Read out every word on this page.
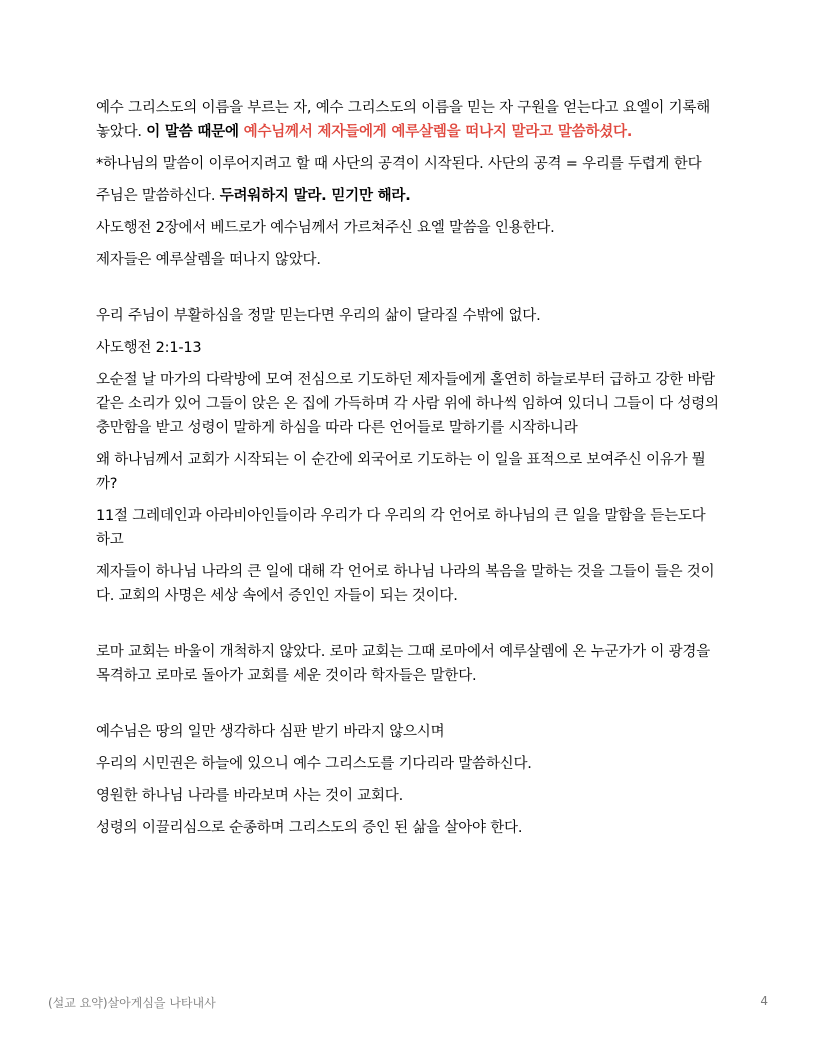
예수 그리스도의 이름을 부르는 자, 예수 그리스도의 이름을 믿는 자 구원을 얻는다고 요엘이 기록해 놓았다. 이 말씀 때문에 예수님께서 제자들에게 예루살렘을 떠나지 말라고 말씀하셨다.

*하나님의 말씀이 이루어지려고 할 때 사단의 공격이 시작된다. 사단의 공격 = 우리를 두렵게 한다

주님은 말씀하신다. 두려워하지 말라. 믿기만 해라.

사도행전 2장에서 베드로가 예수님께서 가르쳐주신 요엘 말씀을 인용한다.

제자들은 예루살렘을 떠나지 않았다.

우리 주님이 부활하심을 정말 믿는다면 우리의 삶이 달라질 수밖에 없다.

사도행전 2:1-13

오순절 날 마가의 다락방에 모여 전심으로 기도하던 제자들에게 홀연히 하늘로부터 급하고 강한 바람 같은 소리가 있어 그들이 앉은 온 집에 가득하며 각 사람 위에 하나씩 임하여 있더니 그들이 다 성령의 충만함을 받고 성령이 말하게 하심을 따라 다른 언어들로 말하기를 시작하니라

왜 하나님께서 교회가 시작되는 이 순간에 외국어로 기도하는 이 일을 표적으로 보여주신 이유가 뭘까?

11절 그레데인과 아라비아인들이라 우리가 다 우리의 각 언어로 하나님의 큰 일을 말함을 듣는도다 하고

제자들이 하나님 나라의 큰 일에 대해 각 언어로 하나님 나라의 복음을 말하는 것을 그들이 들은 것이다. 교회의 사명은 세상 속에서 증인인 자들이 되는 것이다.

로마 교회는 바울이 개척하지 않았다. 로마 교회는 그때 로마에서 예루살렘에 온 누군가가 이 광경을 목격하고 로마로 돌아가 교회를 세운 것이라 학자들은 말한다.

예수님은 땅의 일만 생각하다 심판 받기 바라지 않으시며

우리의 시민권은 하늘에 있으니 예수 그리스도를 기다리라 말씀하신다.

영원한 하나님 나라를 바라보며 사는 것이 교회다.

성령의 이끌리심으로 순종하며 그리스도의 증인 된 삶을 살아야 한다.

(설교 요약)살아게심을 나타내사	4
